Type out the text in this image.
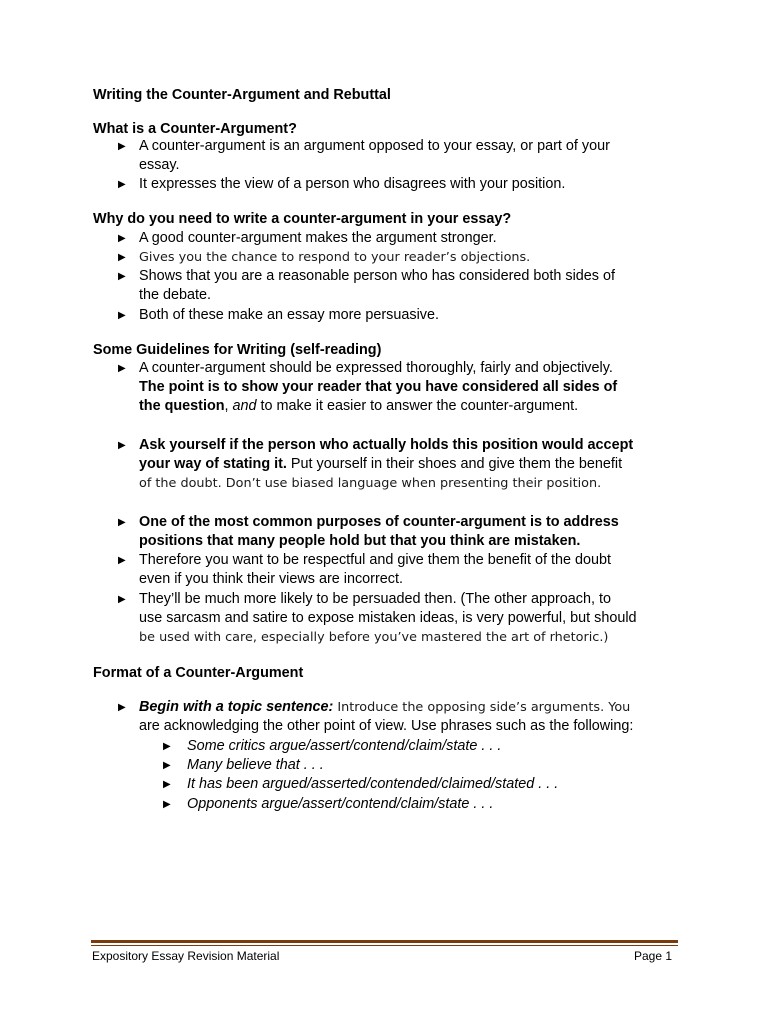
Writing the Counter-Argument and Rebuttal
What is a Counter-Argument?
▶ A counter-argument is an argument opposed to your essay, or part of your
essay.
▶ It expresses the view of a person who disagrees with your position.
Why do you need to write a counter-argument in your essay?
▶ A good counter-argument makes the argument stronger.
▶ Gives you the chance to respond to your reader’s objections.
▶ Shows that you are a reasonable person who has considered both sides of
the debate.
▶ Both of these make an essay more persuasive.
Some Guidelines for Writing (self-reading)
▶ A counter-argument should be expressed thoroughly, fairly and objectively.
The point is to show your reader that you have considered all sides of
the question, and to make it easier to answer the counter-argument.
▶ Ask yourself if the person who actually holds this position would accept
your way of stating it. Put yourself in their shoes and give them the benefit
of the doubt. Don’t use biased language when presenting their position.
▶ One of the most common purposes of counter-argument is to address
positions that many people hold but that you think are mistaken.
▶ Therefore you want to be respectful and give them the benefit of the doubt
even if you think their views are incorrect.
▶ They’ll be much more likely to be persuaded then. (The other approach, to
use sarcasm and satire to expose mistaken ideas, is very powerful, but should
be used with care, especially before you’ve mastered the art of rhetoric.)
Format of a Counter-Argument
▶ Begin with a topic sentence: Introduce the opposing side’s arguments. You
are acknowledging the other point of view. Use phrases such as the following:
▶ Some critics argue/assert/contend/claim/state . . .
▶ Many believe that . . .
▶ It has been argued/asserted/contended/claimed/stated . . .
▶ Opponents argue/assert/contend/claim/state . . .
Expository Essay Revision Material	Page 1
